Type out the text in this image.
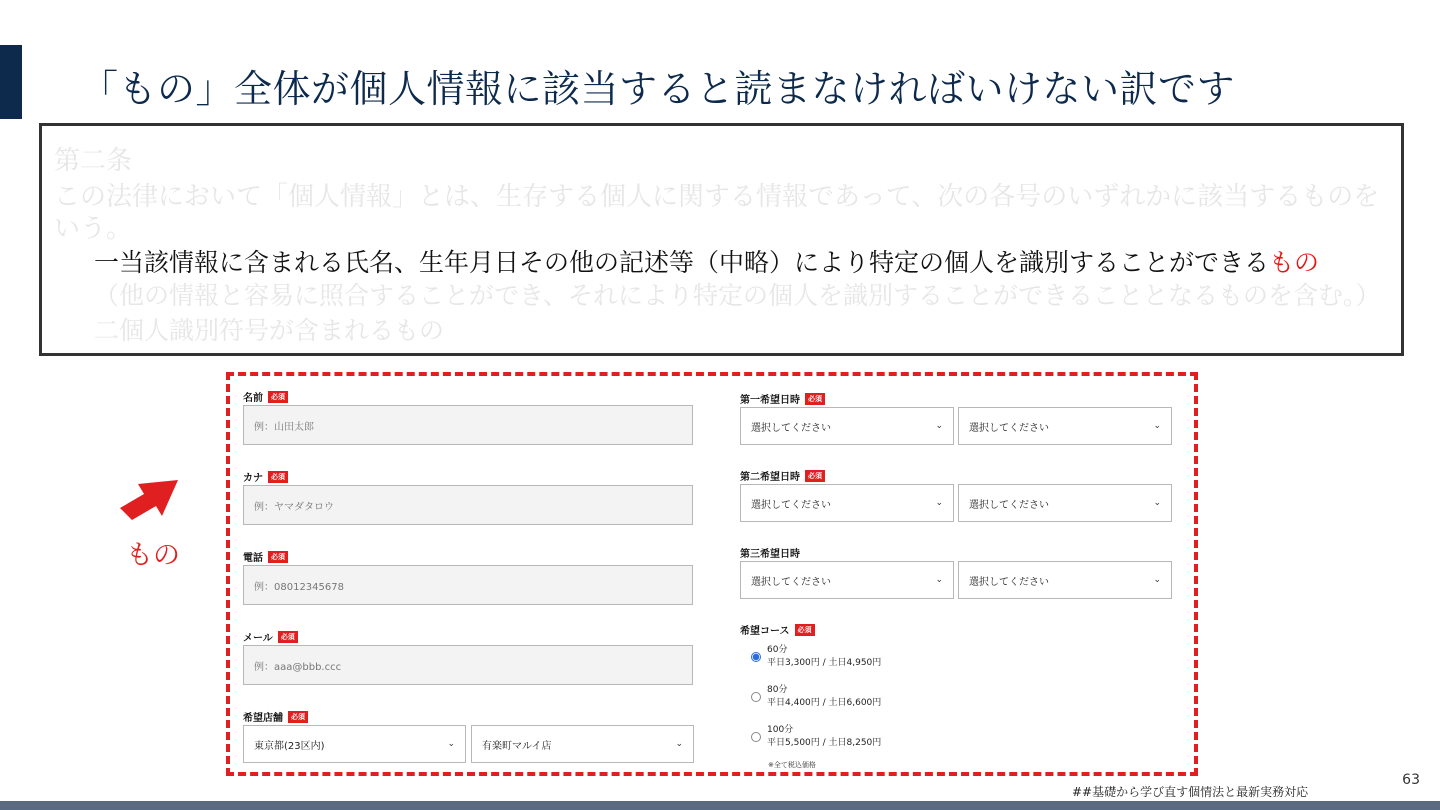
「もの」全体が個人情報に該当すると読まなければいけない訳です
第二条
この法律において「個人情報」とは、生存する個人に関する情報であって、次の各号のいずれかに該当するものを
いう。
一当該情報に含まれる氏名、生年月日その他の記述等（中略）により特定の個人を識別することができるもの
（他の情報と容易に照合することができ、それにより特定の個人を識別することができることとなるものを含む。）
二個人識別符号が含まれるもの
もの
名前	必須
例：山田太郎
カナ	必須
例：ヤマダタロウ
電話	必須
例：08012345678
メール	必須
例：aaa@bbb.ccc
希望店舗	必須
東京都(23区内)	⌄	有楽町マルイ店	⌄
第一希望日時	必須
選択してください	⌄	選択してください	⌄
第二希望日時	必須
選択してください	⌄	選択してください	⌄
第三希望日時
選択してください	⌄	選択してください	⌄
希望コース	必須
60分
平日3,300円 / 土日4,950円
80分
平日4,400円 / 土日6,600円
100分
平日5,500円 / 土日8,250円
※全て税込価格
63
##基礎から学び直す個情法と最新実務対応
